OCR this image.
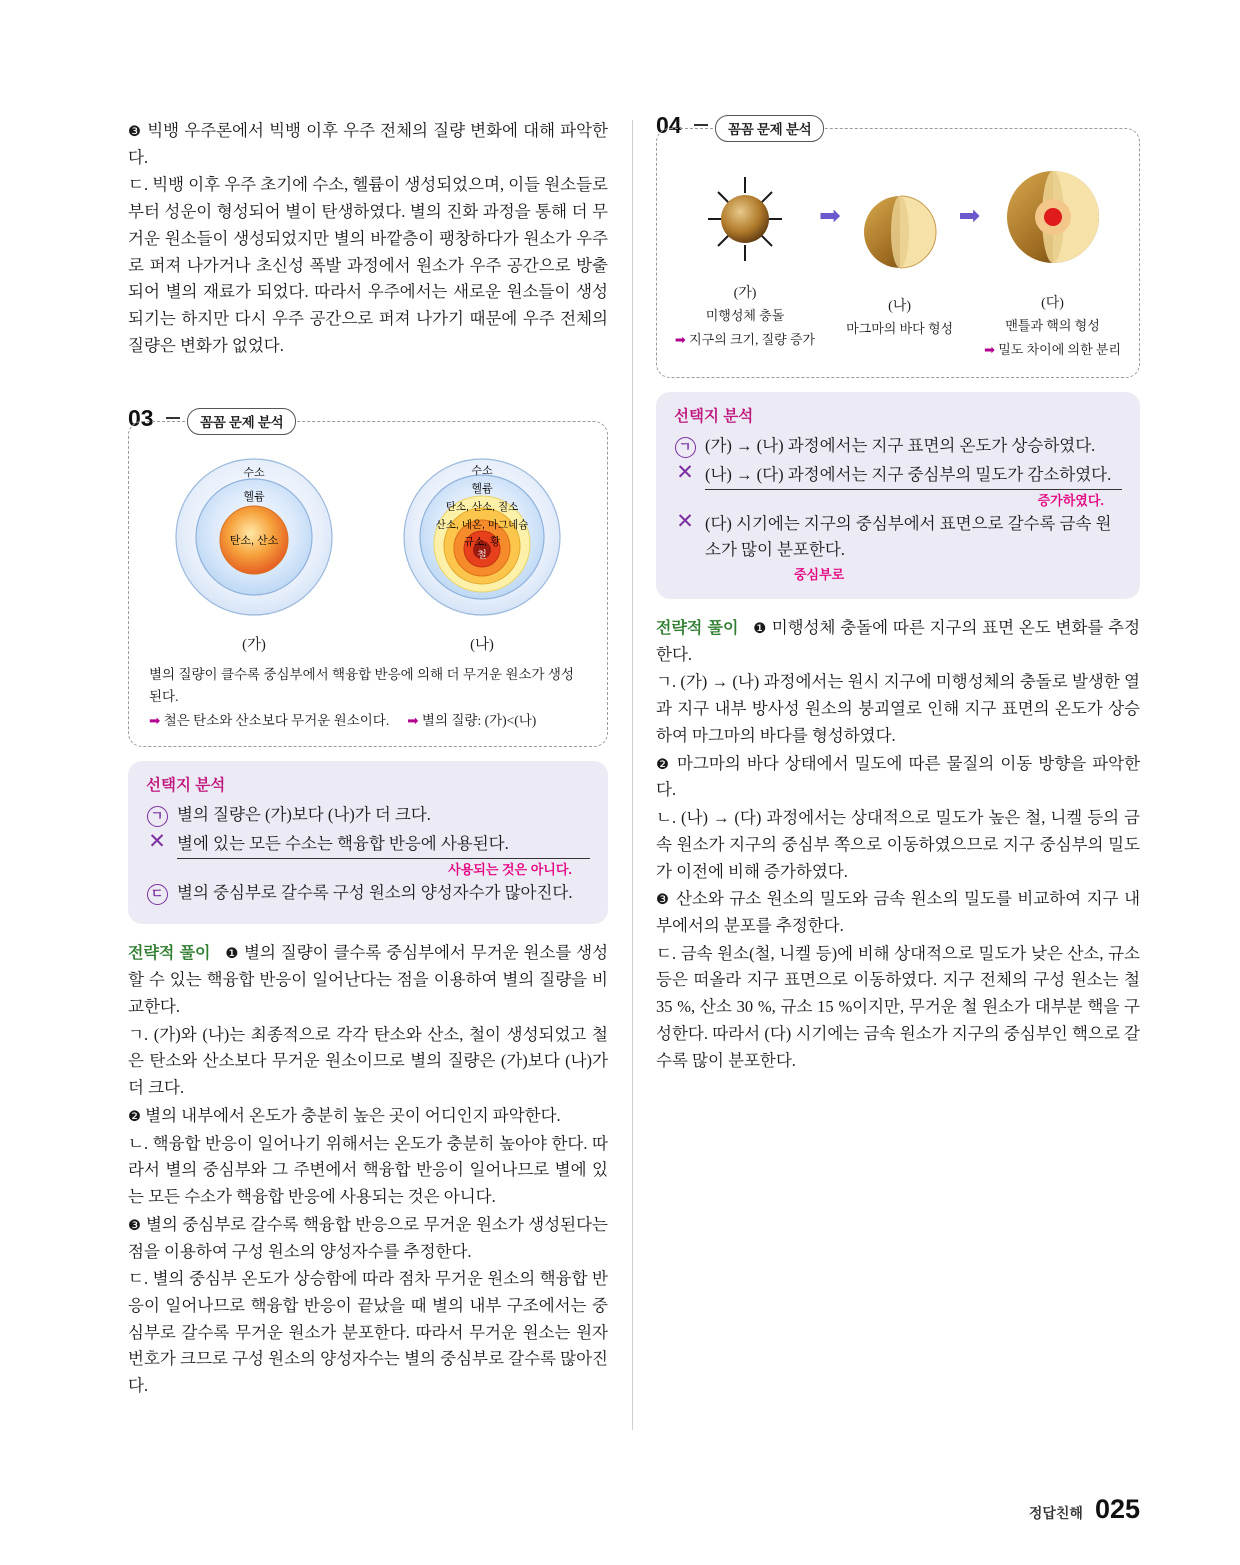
❸ 빅뱅 우주론에서 빅뱅 이후 우주 전체의 질량 변화에 대해 파악한다.

ㄷ. 빅뱅 이후 우주 초기에 수소, 헬륨이 생성되었으며, 이들 원소들로부터 성운이 형성되어 별이 탄생하였다. 별의 진화 과정을 통해 더 무거운 원소들이 생성되었지만 별의 바깥층이 팽창하다가 원소가 우주로 퍼져 나가거나 초신성 폭발 과정에서 원소가 우주 공간으로 방출되어 별의 재료가 되었다. 따라서 우주에서는 새로운 원소들이 생성되기는 하지만 다시 우주 공간으로 퍼져 나가기 때문에 우주 전체의 질량은 변화가 없었다.

03	꼼꼼 문제 분석
수소
헬륨
탄소, 산소
(가)
수소
헬륨
탄소, 산소, 질소
산소, 네온, 마그네슘
규소, 황
철
(나)
별의 질량이 클수록 중심부에서 핵융합 반응에 의해 더 무거운 원소가 생성된다.
➡ 철은 탄소와 산소보다 무거운 원소이다. ➡ 별의 질량: (가)<(나)
선택지 분석
ㄱ 별의 질량은 (가)보다 (나)가 더 크다.
✕ 별에 있는 모든 수소는 핵융합 반응에 사용된다.
사용되는 것은 아니다.
ㄷ 별의 중심부로 갈수록 구성 원소의 양성자수가 많아진다.

전략적 풀이 ❶ 별의 질량이 클수록 중심부에서 무거운 원소를 생성할 수 있는 핵융합 반응이 일어난다는 점을 이용하여 별의 질량을 비교한다.

ㄱ. (가)와 (나)는 최종적으로 각각 탄소와 산소, 철이 생성되었고 철은 탄소와 산소보다 무거운 원소이므로 별의 질량은 (가)보다 (나)가 더 크다.

❷ 별의 내부에서 온도가 충분히 높은 곳이 어디인지 파악한다.

ㄴ. 핵융합 반응이 일어나기 위해서는 온도가 충분히 높아야 한다. 따라서 별의 중심부와 그 주변에서 핵융합 반응이 일어나므로 별에 있는 모든 수소가 핵융합 반응에 사용되는 것은 아니다.

❸ 별의 중심부로 갈수록 핵융합 반응으로 무거운 원소가 생성된다는 점을 이용하여 구성 원소의 양성자수를 추정한다.

ㄷ. 별의 중심부 온도가 상승함에 따라 점차 무거운 원소의 핵융합 반응이 일어나므로 핵융합 반응이 끝났을 때 별의 내부 구조에서는 중심부로 갈수록 무거운 원소가 분포한다. 따라서 무거운 원소는 원자 번호가 크므로 구성 원소의 양성자수는 별의 중심부로 갈수록 많아진다.

04	꼼꼼 문제 분석
(가)
미행성체 충돌
➡ 지구의 크기, 질량 증가
➡
(나)
마그마의 바다 형성
➡
(다)
맨틀과 핵의 형성
➡ 밀도 차이에 의한 분리
선택지 분석
ㄱ (가) → (나) 과정에서는 지구 표면의 온도가 상승하였다.
✕ (나) → (다) 과정에서는 지구 중심부의 밀도가 감소하였다.
증가하였다.
✕ (다) 시기에는 지구의 중심부에서 표면으로 갈수록 금속 원소가 많이 분포한다.
중심부로

전략적 풀이 ❶ 미행성체 충돌에 따른 지구의 표면 온도 변화를 추정한다.

ㄱ. (가) → (나) 과정에서는 원시 지구에 미행성체의 충돌로 발생한 열과 지구 내부 방사성 원소의 붕괴열로 인해 지구 표면의 온도가 상승하여 마그마의 바다를 형성하였다.

❷ 마그마의 바다 상태에서 밀도에 따른 물질의 이동 방향을 파악한다.

ㄴ. (나) → (다) 과정에서는 상대적으로 밀도가 높은 철, 니켈 등의 금속 원소가 지구의 중심부 쪽으로 이동하였으므로 지구 중심부의 밀도가 이전에 비해 증가하였다.

❸ 산소와 규소 원소의 밀도와 금속 원소의 밀도를 비교하여 지구 내부에서의 분포를 추정한다.

ㄷ. 금속 원소(철, 니켈 등)에 비해 상대적으로 밀도가 낮은 산소, 규소 등은 떠올라 지구 표면으로 이동하였다. 지구 전체의 구성 원소는 철 35 %, 산소 30 %, 규소 15 %이지만, 무거운 철 원소가 대부분 핵을 구성한다. 따라서 (다) 시기에는 금속 원소가 지구의 중심부인 핵으로 갈수록 많이 분포한다.

정답친해 025
